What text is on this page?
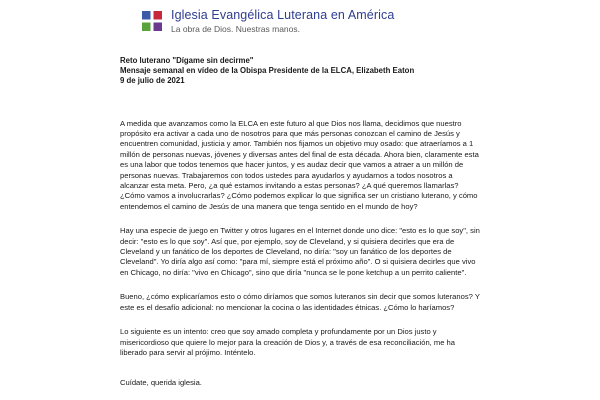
Iglesia Evangélica Luterana en América
La obra de Dios. Nuestras manos.
Reto luterano "Dígame sin decirme"
Mensaje semanal en vídeo de la Obispa Presidente de la ELCA, Elizabeth Eaton
9 de julio de 2021
A medida que avanzamos como la ELCA en este futuro al que Dios nos llama, decidimos que nuestro propósito era activar a cada uno de nosotros para que más personas conozcan el camino de Jesús y encuentren comunidad, justicia y amor. También nos fijamos un objetivo muy osado: que atraeríamos a 1 millón de personas nuevas, jóvenes y diversas antes del final de esta década. Ahora bien, claramente esta es una labor que todos tenemos que hacer juntos, y es audaz decir que vamos a atraer a un millón de personas nuevas. Trabajaremos con todos ustedes para ayudarlos y ayudarnos a todos nosotros a alcanzar esta meta. Pero, ¿a qué estamos invitando a estas personas? ¿A qué queremos llamarlas? ¿Cómo vamos a involucrarlas? ¿Cómo podemos explicar lo que significa ser un cristiano luterano, y cómo entendemos el camino de Jesús de una manera que tenga sentido en el mundo de hoy?
Hay una especie de juego en Twitter y otros lugares en el Internet donde uno dice: "esto es lo que soy", sin decir: "esto es lo que soy". Así que, por ejemplo, soy de Cleveland, y si quisiera decirles que era de Cleveland y un fanático de los deportes de Cleveland, no diría: "soy un fanático de los deportes de Cleveland". Yo diría algo así como: "para mí, siempre está el próximo año". O si quisiera decirles que vivo en Chicago, no diría: "vivo en Chicago", sino que diría "nunca se le pone ketchup a un perrito caliente".
Bueno, ¿cómo explicaríamos esto o cómo diríamos que somos luteranos sin decir que somos luteranos? Y este es el desafío adicional: no mencionar la cocina o las identidades étnicas. ¿Cómo lo haríamos?
Lo siguiente es un intento: creo que soy amado completa y profundamente por un Dios justo y misericordioso que quiere lo mejor para la creación de Dios y, a través de esa reconciliación, me ha liberado para servir al prójimo. Inténtelo.
Cuídate, querida iglesia.
